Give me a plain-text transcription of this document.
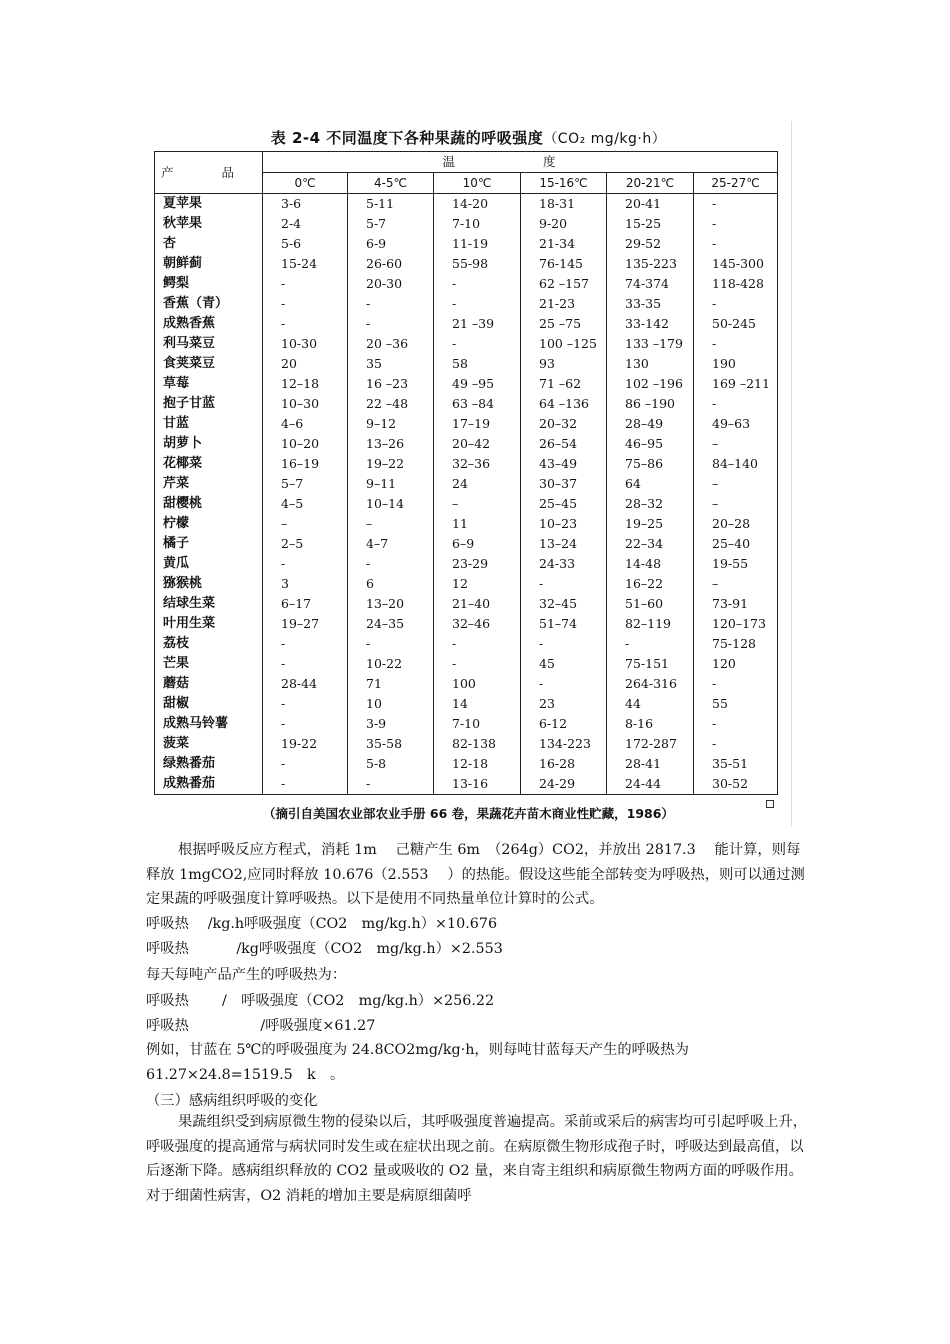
表 2-4 不同温度下各种果蔬的呼吸强度（CO₂ mg/kg·h）
产 品	温 度					
	0℃	4-5℃	10℃	15-16℃	20-21℃	25-27℃
夏苹果	3-6	5-11	14-20	18-31	20-41	-
秋苹果	2-4	5-7	7-10	9-20	15-25	-
杏	5-6	6-9	11-19	21-34	29-52	-
朝鲜蓟	15-24	26-60	55-98	76-145	135-223	145-300
鳄梨	-	20-30	-	62 –157	74-374	118-428
香蕉（青）	-	-	-	21-23	33-35	-
成熟香蕉	-	-	21 –39	25 –75	33-142	50-245
利马菜豆	10-30	20 –36	-	100 –125	133 –179	-
食荚菜豆	20	35	58	93	130	190
草莓	12–18	16 –23	49 –95	71 –62	102 –196	169 –211
抱子甘蓝	10–30	22 –48	63 –84	64 –136	86 –190	-
甘蓝	4–6	9–12	17–19	20–32	28–49	49–63
胡萝卜	10–20	13–26	20–42	26–54	46–95	–
花椰菜	16–19	19–22	32–36	43–49	75–86	84–140
芹菜	5–7	9–11	24	30–37	64	–
甜樱桃	4–5	10–14	–	25–45	28–32	–
柠檬	–	–	11	10–23	19–25	20–28
橘子	2–5	4–7	6–9	13–24	22–34	25–40
黄瓜	-	-	23-29	24-33	14-48	19-55
猕猴桃	3	6	12	-	16–22	–
结球生菜	6–17	13–20	21–40	32–45	51–60	73-91
叶用生菜	19–27	24–35	32–46	51–74	82–119	120–173
荔枝	-	-	-	-	-	75-128
芒果	-	10-22	-	45	75-151	120
蘑菇	28-44	71	100	-	264-316	-
甜椒	-	10	14	23	44	55
成熟马铃薯	-	3-9	7-10	6-12	8-16	-
菠菜	19-22	35-58	82-138	134-223	172-287	-
绿熟番茄	-	5-8	12-18	16-28	28-41	35-51
成熟番茄	-	-	13-16	24-29	24-44	30-52
（摘引自美国农业部农业手册 66 卷，果蔬花卉苗木商业性贮藏，1986）
根据呼吸反应方程式，消耗 1m　 己糖产生 6m　（264g）CO2，并放出 2817.3　 能计算，则每释放 1mgCO2,应同时释放 10.676（2.553　 ）的热能。假设这些能全部转变为呼吸热，则可以通过测定果蔬的呼吸强度计算呼吸热。以下是使用不同热量单位计算时的公式。
呼吸热　 /kg.h呼吸强度（CO2　mg/kg.h）×10.676
呼吸热　　　 /kg呼吸强度（CO2　mg/kg.h）×2.553
每天每吨产品产生的呼吸热为：
呼吸热　　 /　呼吸强度（CO2　mg/kg.h）×256.22
呼吸热　　　　　/呼吸强度×61.27
例如，甘蓝在 5℃的呼吸强度为 24.8CO2mg/kg·h，则每吨甘蓝每天产生的呼吸热为 61.27×24.8=1519.5　k　。
（三）感病组织呼吸的变化
果蔬组织受到病原微生物的侵染以后，其呼吸强度普遍提高。采前或采后的病害均可引起呼吸上升，呼吸强度的提高通常与病状同时发生或在症状出现之前。在病原微生物形成孢子时，呼吸达到最高值，以后逐渐下降。感病组织释放的 CO2 量或吸收的 O2 量，来自寄主组织和病原微生物两方面的呼吸作用。对于细菌性病害，O2 消耗的增加主要是病原细菌呼
